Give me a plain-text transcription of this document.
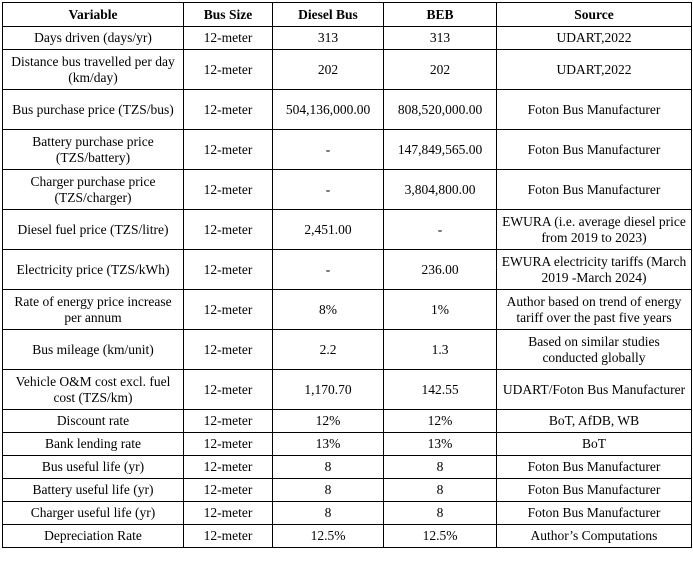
Variable	Bus Size	Diesel Bus	BEB	Source
Days driven (days/yr)	12-meter	313	313	UDART,2022
Distance bus travelled per day (km/day)	12-meter	202	202	UDART,2022
Bus purchase price (TZS/bus)	12-meter	504,136,000.00	808,520,000.00	Foton Bus Manufacturer
Battery purchase price (TZS/battery)	12-meter	-	147,849,565.00	Foton Bus Manufacturer
Charger purchase price (TZS/charger)	12-meter	-	3,804,800.00	Foton Bus Manufacturer
Diesel fuel price (TZS/litre)	12-meter	2,451.00	-	EWURA (i.e. average diesel price from 2019 to 2023)
Electricity price (TZS/kWh)	12-meter	-	236.00	EWURA electricity tariffs (March 2019 -March 2024)
Rate of energy price increase per annum	12-meter	8%	1%	Author based on trend of energy tariff over the past five years
Bus mileage (km/unit)	12-meter	2.2	1.3	Based on similar studies conducted globally
Vehicle O&M cost excl. fuel cost (TZS/km)	12-meter	1,170.70	142.55	UDART/Foton Bus Manufacturer
Discount rate	12-meter	12%	12%	BoT, AfDB, WB
Bank lending rate	12-meter	13%	13%	BoT
Bus useful life (yr)	12-meter	8	8	Foton Bus Manufacturer
Battery useful life (yr)	12-meter	8	8	Foton Bus Manufacturer
Charger useful life (yr)	12-meter	8	8	Foton Bus Manufacturer
Depreciation Rate	12-meter	12.5%	12.5%	Author’s Computations
